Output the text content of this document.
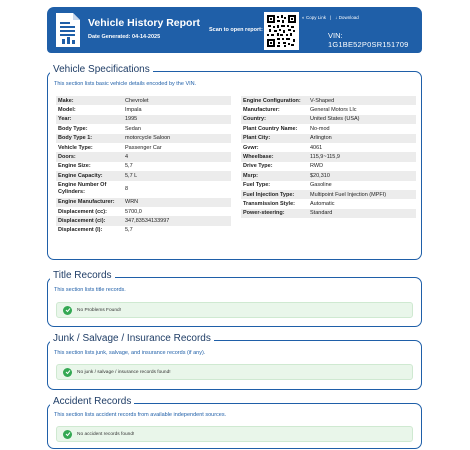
Vehicle History Report
Date Generated: 04-14-2025
Scan to open report:
◐ Copy Link | ↓ Download
VIN:
1G1BE52P0SR151709
Vehicle Specifications
This section lists basic vehicle details encoded by the VIN.
Make:	Chevrolet
Model:	Impala
Year:	1995
Body Type:	Sedan
Body Type 1:	motorcycle Saloon
Vehicle Type:	Passenger Car
Doors:	4
Engine Size:	5,7
Engine Capacity:	5,7 L
Engine Number Of Cylinders:	8
Engine Manufacturer:	WRN
Displacement (cc):	5700,0
Displacement (ci):	347,83534133997
Displacement (l):	5,7
Engine Configuration:	V-Shaped
Manufacturer:	General Motors Llc
Country:	United States (USA)
Plant Country Name:	No-mod
Plant City:	Arlington
Gvwr:	4061
Wheelbase:	115,9~115,9
Drive Type:	RWD
Msrp:	$20,310
Fuel Type:	Gasoline
Fuel Injection Type:	Multipoint Fuel Injection (MPFI)
Transmission Style:	Automatic
Power-steering:	Standard
Title Records
This section lists title records.
No Problems Found!
Junk / Salvage / Insurance Records
This section lists junk, salvage, and insurance records (if any).
No junk / salvage / insurance records found!
Accident Records
This section lists accident records from available independent sources.
No accident records found!
